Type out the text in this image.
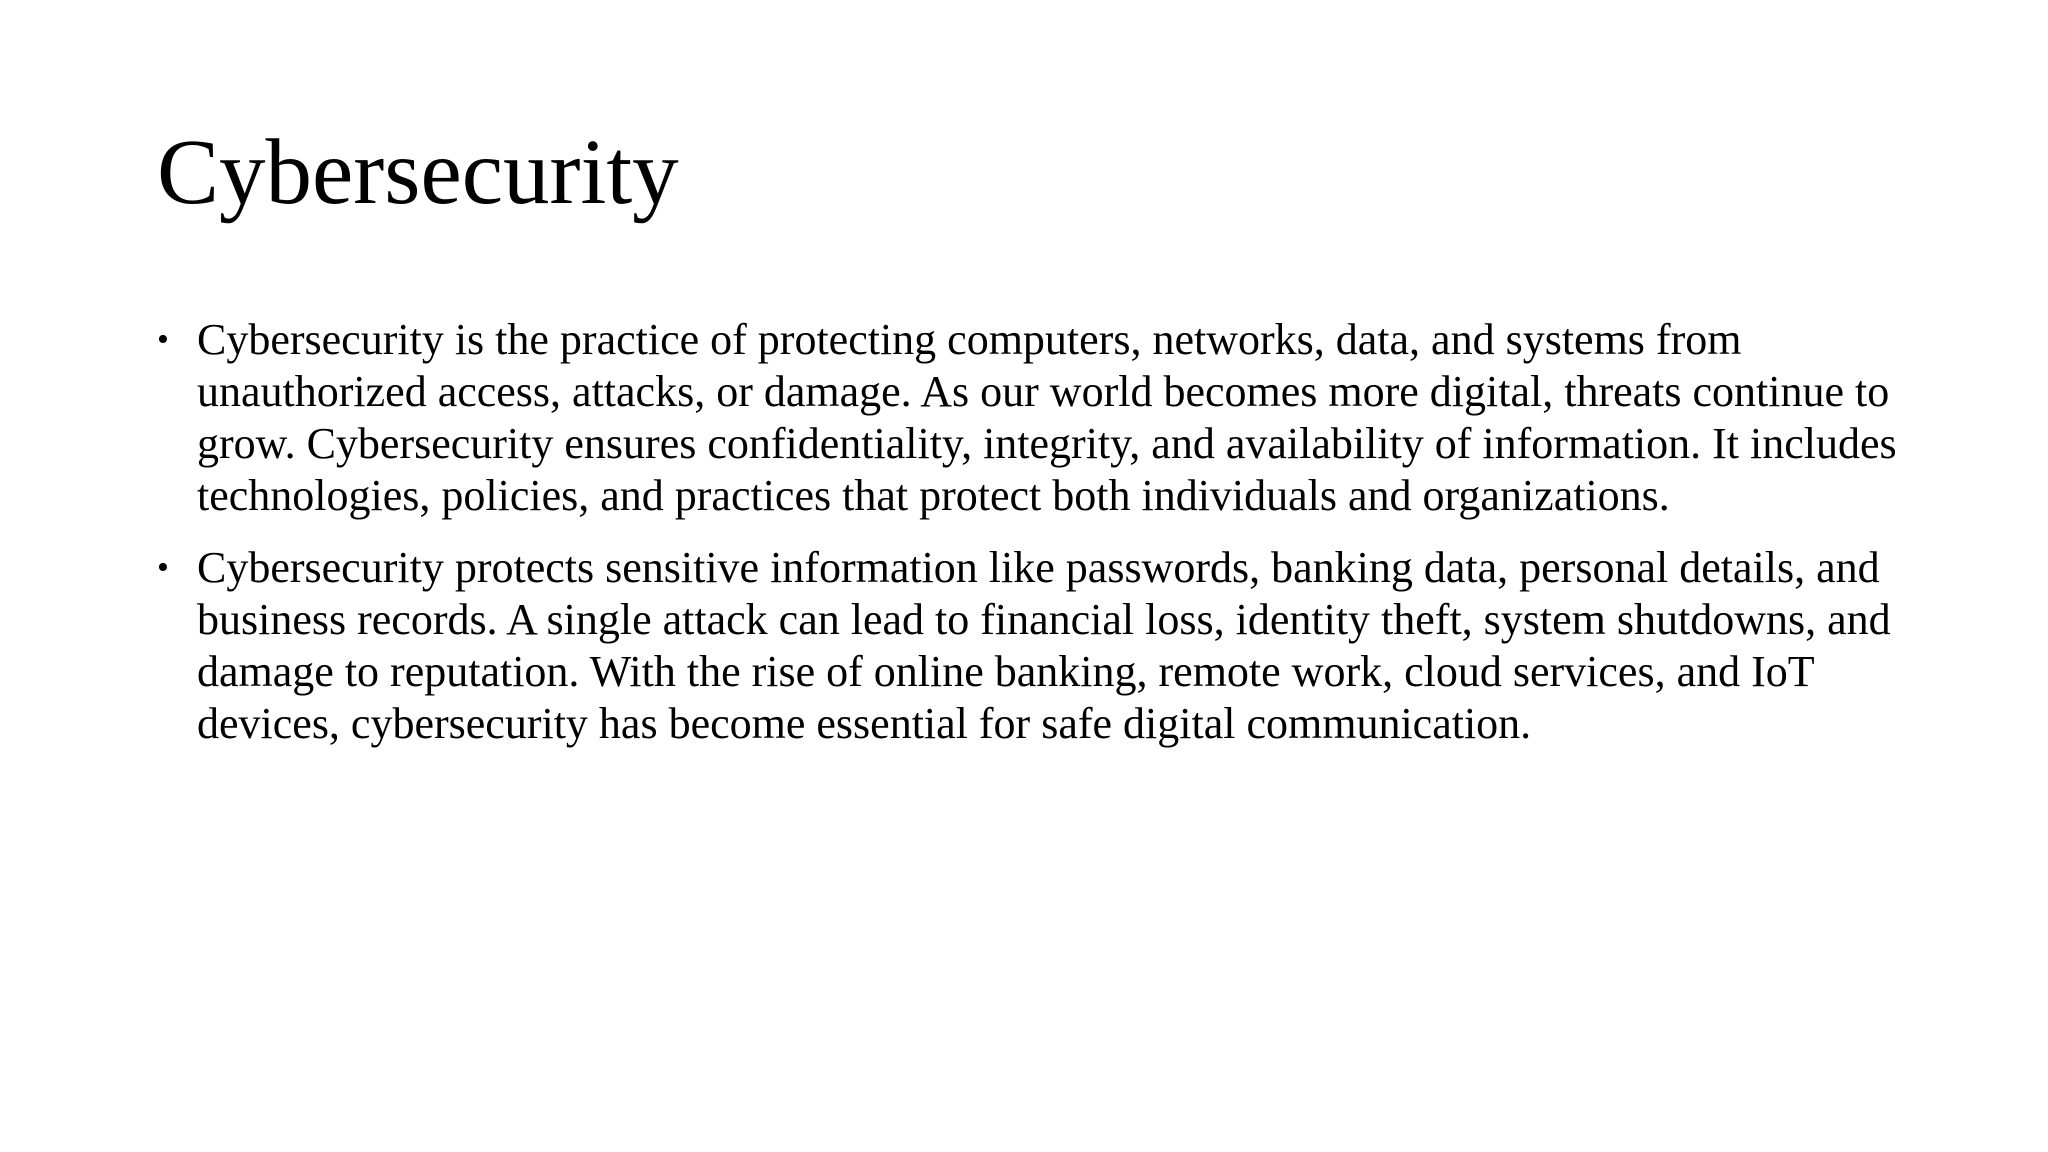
Cybersecurity
• Cybersecurity is the practice of protecting computers, networks, data, and systems from unauthorized access, attacks, or damage. As our world becomes more digital, threats continue to grow. Cybersecurity ensures confidentiality, integrity, and availability of information. It includes technologies, policies, and practices that protect both individuals and organizations.
• Cybersecurity protects sensitive information like passwords, banking data, personal details, and business records. A single attack can lead to financial loss, identity theft, system shutdowns, and damage to reputation. With the rise of online banking, remote work, cloud services, and IoT devices, cybersecurity has become essential for safe digital communication.
